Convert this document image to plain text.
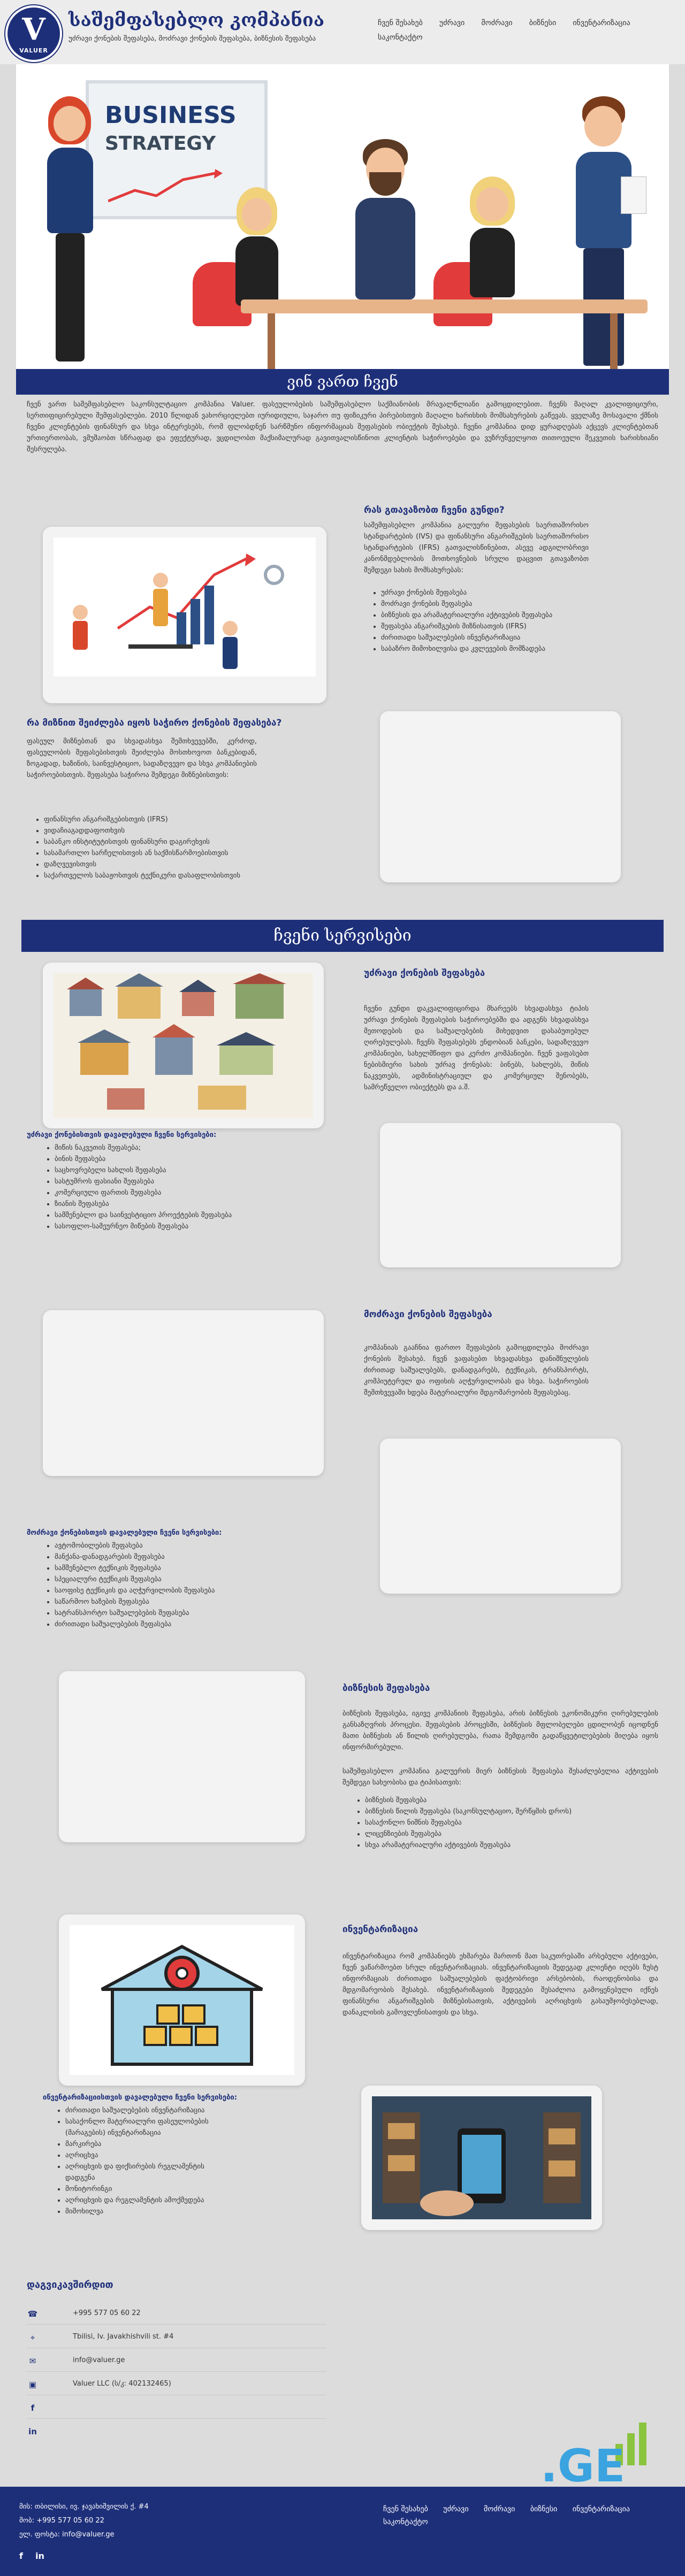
V
VALUER
საშემფასებლო კომპანია
უძრავი ქონების შეფასება, მოძრავი ქონების შეფასება, ბიზნესის შეფასება
ჩვენ შესახებ უძრავი მოძრავი ბიზნესი ინვენტარიზაცია საკონტაქტო
BUSINESS
STRATEGY
ვინ ვართ ჩვენ
ჩვენ ვართ საშემფასებლო საკონსულტაციო კომპანია Valuer. ფასეულობების საშემფასებლო საქმიანობის მრავალწლიანი გამოცდილებით. ჩვენს მაღალ კვალიფიციური, სერთიფიცირებული შემფასებლები. 2010 წლიდან ვახორციელებთ იურიდიული, საჯარო თუ ფიზიკური პირებისთვის მაღალი ხარისხის მომსახურების გაწევას. ყველაზე მოსავალი ქმნის ჩვენი კლიენტების ფინანსურ და სხვა ინტერესებს, რომ ფლობდნენ სარწმუნო ინფორმაციას შეფასების ობიექტის შესახებ. ჩვენი კომპანია დიდ ყურადღებას აქცევს კლიენტებთან ურთიერთობას, ვმუშაობთ სწრაფად და ეფექტურად, ვცდილობთ მაქსიმალურად გავითვალისწინოთ კლიენტის საჭიროებები და ვუზრუნველყოთ თითოეული შეკვეთის ხარისხიანი შესრულება.
რას გთავაზობთ ჩვენი გუნდი?
საშემფასებლო კომპანია გალუერი შეფასების საერთაშორისო სტანდარტების (IVS) და ფინანსური ანგარიშგების საერთაშორისო სტანდარტების (IFRS) გათვალისწინებით, ასევე ადგილობრივი კანონმდებლობის მოთხოვნების სრული დაცვით გთავაზობთ შემდეგი სახის მომსახურებას:
• უძრავი ქონების შეფასება
• მოძრავი ქონების შეფასება
• ბიზნესის და არამატერიალური აქტივების შეფასება
• შეფასება ანგარიშგების მიზნისათვის (IFRS)
• ძირითადი საშუალებების ინვენტარიზაცია
• საბაზრო მიმოხილვისა და კვლევების მომზადება
რა მიზნით შეიძლება იყოს საჭირო ქონების შეფასება?
ფასეულ მიზნებთან და სხვადასხვა შემთხვევებში, კერძოდ, ფასეულობის შეფასებისთვის შეიძლება მოსთხოვოთ ბანკებიდან, ზოგადად, ხაზინის, საინვესტიციო, სადაზღვევო და სხვა კომპანიების საჭიროებისთვის. შეფასება საჭიროა შემდეგი მიზნებისთვის:
• ფინანსური ანგარიშგებისთვის (IFRS)
• ვიდაჩიაგადდაფოთხვის
• საბანკო ინსტიტუტისთვის ფინანსური დაგირეხვის
• სასამართლო სარჩელისთვის ან საქმისწარმოებისთვის
• დაზღვევისთვის
• საქართველოს საბაჟოსთვის ტექნიკური დასაფლობისთვის
ჩვენი სერვისები
უძრავი ქონების შეფასება
ჩვენი გუნდი დაკვალიფიცირდა მხარეებს სხვადასხვა ტიპის უძრავი ქონების შეფასების საჭიროებებში და ადგენს სხვადასხვა მეთოდების და საშუალებების მიხედვით დასაბუთებულ ღირებულებას. ჩვენს შეფასებებს ენდობიან ბანკები, სადაზღვევო კომპანიები, სახელმწიფო და კერძო კომპანიები. ჩვენ ვაფასებთ ნებისმიერი სახის უძრავ ქონებას: ბინებს, სახლებს, მიწის ნაკვეთებს, ადმინისტრაციულ და კომერციულ შენობებს, სამრეწველო ობიექტებს და ა.შ.
უძრავი ქონებისთვის დავალებული ჩვენი სერვისები:
• მიწის ნაკვეთის შეფასება;
• ბინის შეფასება
• საცხოვრებელი სახლის შეფასება
• სასტუმროს ფასიანი შეფასება
• კომერციული ფართის შეფასება
• ზიანის შეფასება
• სამშენებლო და საინვესტიციო პროექტების შეფასება
• სასოფლო-სამეურნეო მიწების შეფასება
მოძრავი ქონების შეფასება
კომპანიას გააჩნია ფართო შეფასების გამოცდილება მოძრავი ქონების შესახებ. ჩვენ ვაფასებთ სხვადასხვა დანიშნულების ძირითად საშუალებებს, დანადგარებს, ტექნიკას, ტრანსპორტს, კომპიუტერულ და ოფისის აღჭურვილობას და სხვა. საჭიროების შემთხვევაში ხდება მატერიალური მდგომარეობის შეფასებაც.
მოძრავი ქონებისთვის დავალებული ჩვენი სერვისები:
• ავტომობილების შეფასება
• მანქანა-დანადგარების შეფასება
• სამშენებლო ტექნიკის შეფასება
• სპეციალური ტექნიკის შეფასება
• საოფისე ტექნიკის და აღჭურვილობის შეფასება
• საწარმოო ხაზების შეფასება
• სატრანსპორტო საშუალებების შეფასება
• ძირითადი საშუალებების შეფასება
ბიზნესის შეფასება
ბიზნესის შეფასება, იგივე კომპანიის შეფასება, არის ბიზნესის ეკონომიკური ღირებულების განსაზღვრის პროცესი. შეფასების პროცესში, ბიზნესის მფლობელები ცდილობენ იცოდნენ მათი ბიზნესის ან წილის ღირებულება, რათა შემდგომი გადაწყვეტილებების მიღება იყოს ინფორმირებული.
საშემფასებლო კომპანია გალუერის მიერ ბიზნესის შეფასება შესაძლებელია აქტივების შემდეგი სახეობისა და ტიპისათვის:
• ბიზნესის შეფასება
• ბიზნესის წილის შეფასება (საკონსულტაციო, შერწყმის დროს)
• სასაქონლო ნიშნის შეფასება
• ლიცენზიების შეფასება
• სხვა არამატერიალური აქტივების შეფასება
ინვენტარიზაცია
ინვენტარიზაცია რომ კომპანიებს ეხმარება მართონ მათ საკუთრებაში არსებული აქტივები, ჩვენ ვაწარმოებთ სრულ ინვენტარიზაციას. ინვენტარიზაციის შედეგად კლიენტი იღებს ზუსტ ინფორმაციას ძირითადი საშუალებების ფაქტობრივი არსებობის, რაოდენობისა და მდგომარეობის შესახებ. ინვენტარიზაციის შედეგები შესაძლოა გამოყენებული იქნეს ფინანსური ანგარიშგების მიზნებისათვის, აქტივების აღრიცხვის გასაუმჯობესებლად, დანაკლისის გამოვლენისათვის და სხვა.
ინვენტარიზაციისთვის დავალებული ჩვენი სერვისები:
• ძირითადი საშუალებების ინვენტარიზაცია
• სასაქონლო მატერიალური ფასეულობების (მარაგების) ინვენტარიზაცია
• მარკირება
• აღრიცხვა
• აღრიცხვის და ფიქსირების რეგლამენტის დადგენა
• მონიტორინგი
• აღრიცხვის და რეგლამენტის ამოქმედება
• მიმოხილვა
დაგვიკავშირდით
☎	+995 577 05 60 22
⌖	Tbilisi, Iv. Javakhishvili st. #4
✉	info@valuer.ge
▣	Valuer LLC (ს/კ: 402132465)
f
in
.GE
მის: თბილისი, ივ. ჯავახიშვილის ქ. #4
მობ: +995 577 05 60 22
ელ. ფოსტა: info@valuer.ge
ჩვენ შესახებ უძრავი მოძრავი ბიზნესი ინვენტარიზაცია საკონტაქტო
f in
